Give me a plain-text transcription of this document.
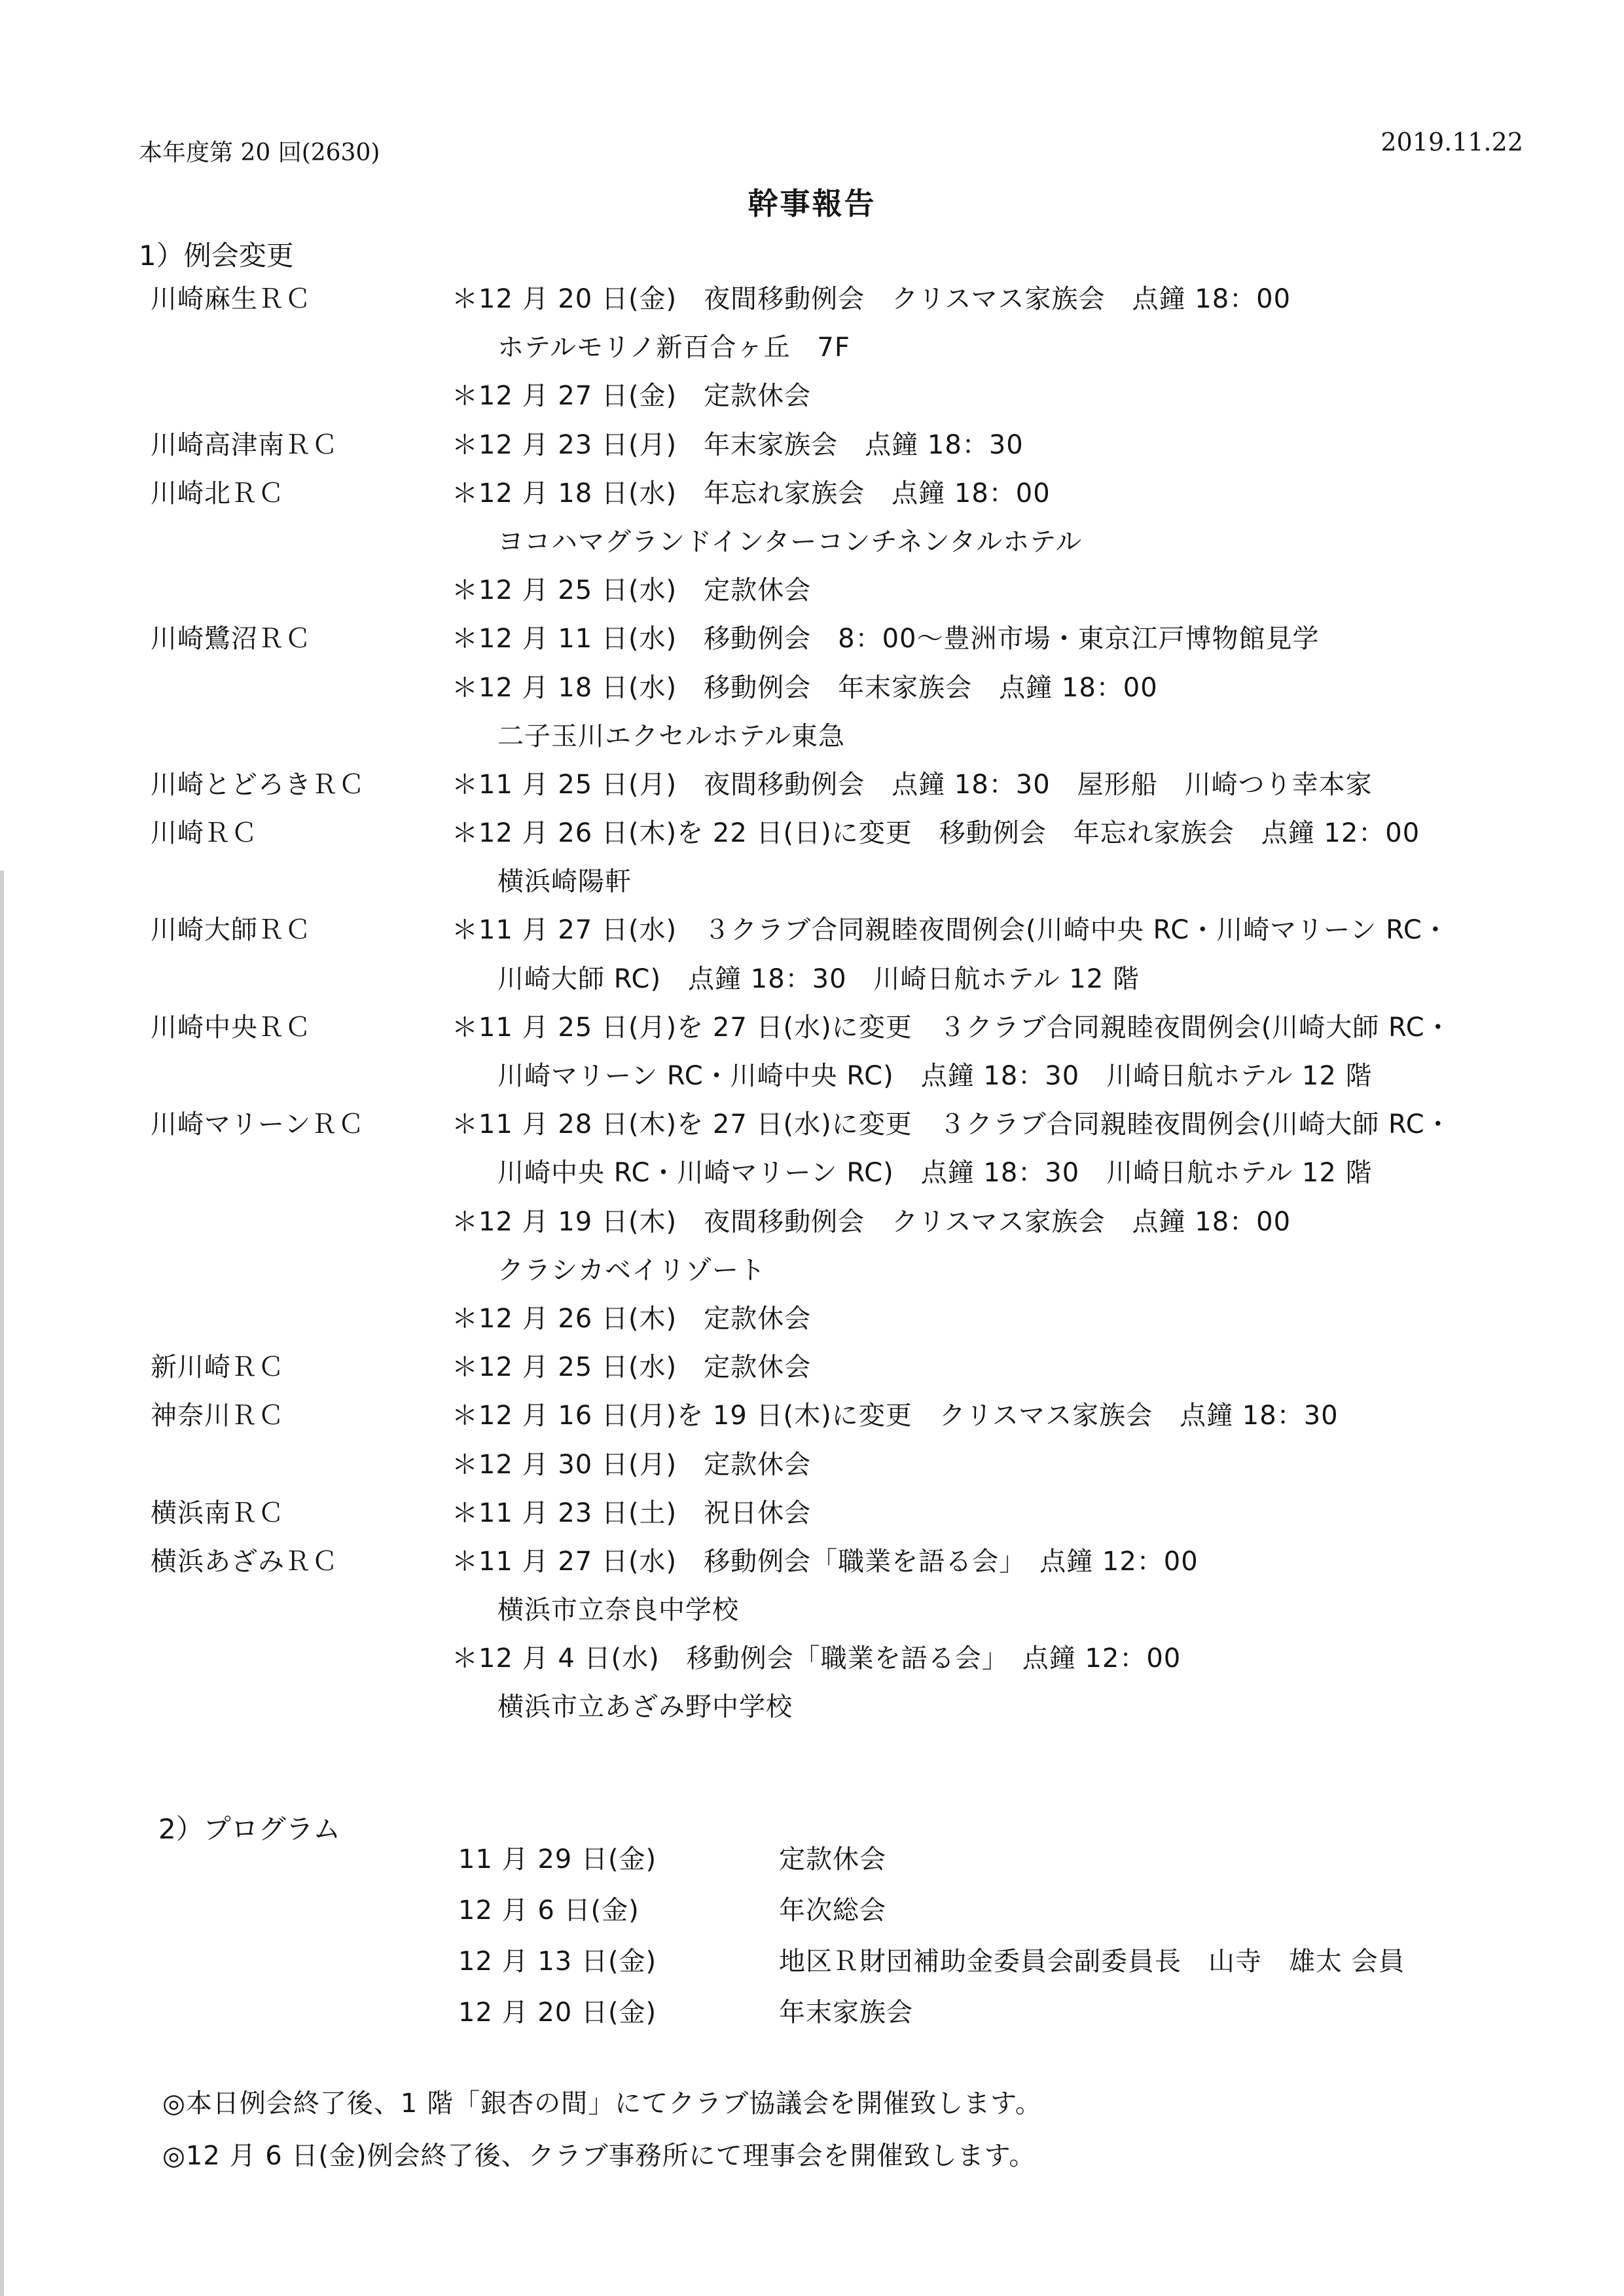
本年度第 20 回(2630)	2019.11.22
幹事報告
1）例会変更
川崎麻生ＲＣ	＊12 月 20 日(金)　夜間移動例会　クリスマス家族会　点鐘 18：00
ホテルモリノ新百合ヶ丘　7F
＊12 月 27 日(金)　定款休会
川崎高津南ＲＣ	＊12 月 23 日(月)　年末家族会　点鐘 18：30
川崎北ＲＣ	＊12 月 18 日(水)　年忘れ家族会　点鐘 18：00
ヨコハマグランドインターコンチネンタルホテル
＊12 月 25 日(水)　定款休会
川崎鷺沼ＲＣ	＊12 月 11 日(水)　移動例会　8：00～豊洲市場・東京江戸博物館見学
＊12 月 18 日(水)　移動例会　年末家族会　点鐘 18：00
二子玉川エクセルホテル東急
川崎とどろきＲＣ	＊11 月 25 日(月)　夜間移動例会　点鐘 18：30　屋形船　川崎つり幸本家
川崎ＲＣ	＊12 月 26 日(木)を 22 日(日)に変更　移動例会　年忘れ家族会　点鐘 12：00
横浜崎陽軒
川崎大師ＲＣ	＊11 月 27 日(水)　３クラブ合同親睦夜間例会(川崎中央 RC・川崎マリーン RC・
川崎大師 RC)　点鐘 18：30　川崎日航ホテル 12 階
川崎中央ＲＣ	＊11 月 25 日(月)を 27 日(水)に変更　３クラブ合同親睦夜間例会(川崎大師 RC・
川崎マリーン RC・川崎中央 RC)　点鐘 18：30　川崎日航ホテル 12 階
川崎マリーンＲＣ	＊11 月 28 日(木)を 27 日(水)に変更　３クラブ合同親睦夜間例会(川崎大師 RC・
川崎中央 RC・川崎マリーン RC)　点鐘 18：30　川崎日航ホテル 12 階
＊12 月 19 日(木)　夜間移動例会　クリスマス家族会　点鐘 18：00
クラシカベイリゾート
＊12 月 26 日(木)　定款休会
新川崎ＲＣ	＊12 月 25 日(水)　定款休会
神奈川ＲＣ	＊12 月 16 日(月)を 19 日(木)に変更　クリスマス家族会　点鐘 18：30
＊12 月 30 日(月)　定款休会
横浜南ＲＣ	＊11 月 23 日(土)　祝日休会
横浜あざみＲＣ	＊11 月 27 日(水)　移動例会「職業を語る会」　点鐘 12：00
横浜市立奈良中学校
＊12 月 4 日(水)　移動例会「職業を語る会」　点鐘 12：00
横浜市立あざみ野中学校
2）プログラム
11 月 29 日(金)	定款休会
12 月 6 日(金)	年次総会
12 月 13 日(金)	地区Ｒ財団補助金委員会副委員長　山寺　雄太 会員
12 月 20 日(金)	年末家族会
◎本日例会終了後、1 階「銀杏の間」にてクラブ協議会を開催致します。
◎12 月 6 日(金)例会終了後、クラブ事務所にて理事会を開催致します。
